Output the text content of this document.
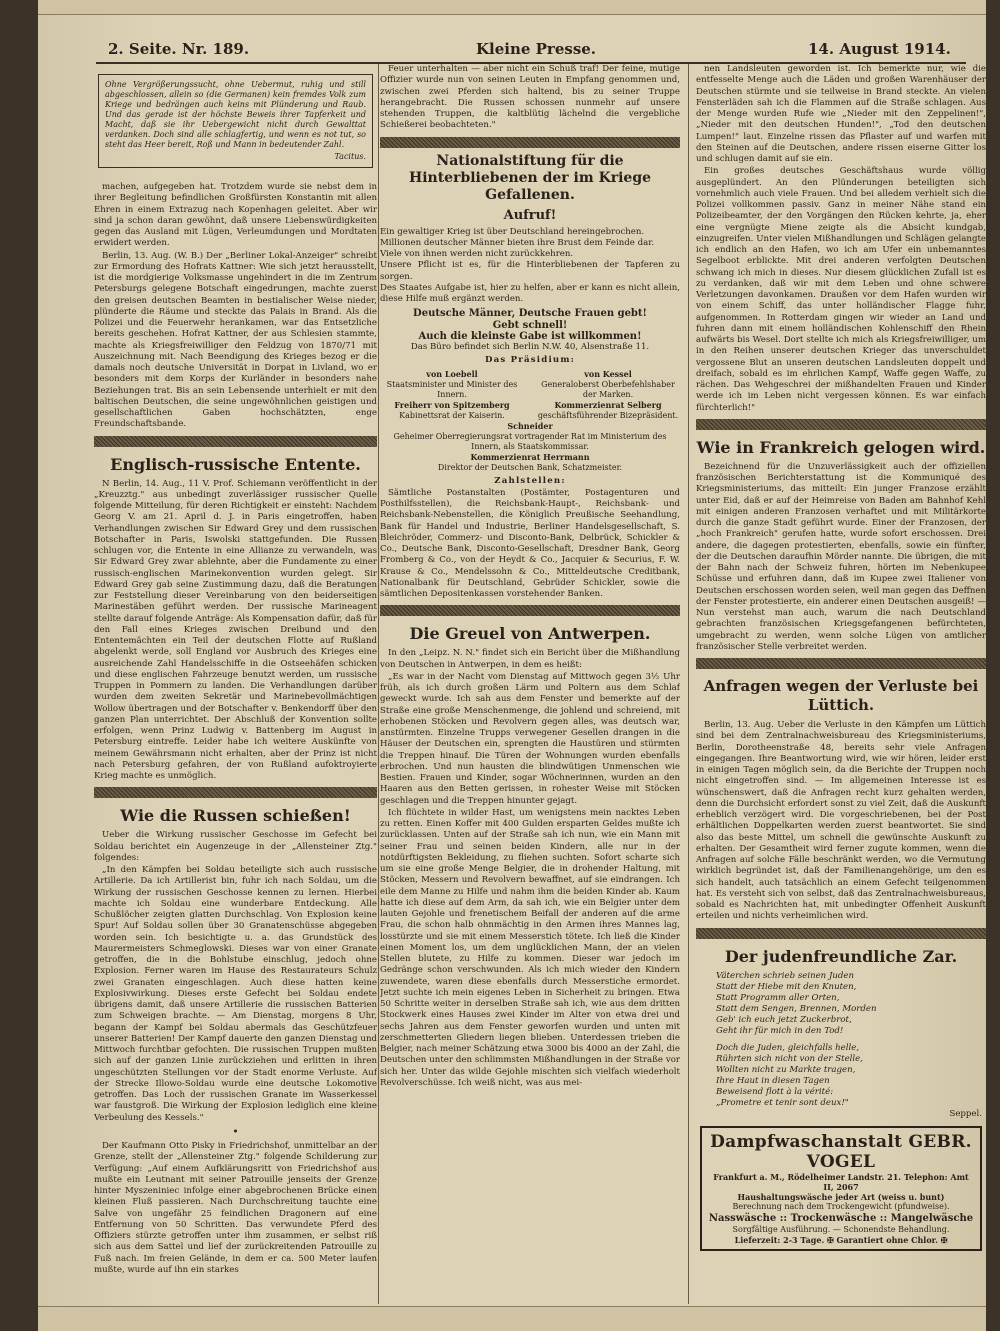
2. Seite. Nr. 189.	Kleine Presse.	14. August 1914.
Ohne Vergrößerungssucht, ohne Uebermut, ruhig und still abgeschlossen, allein so (die Germanen) kein fremdes Volk zum Kriege und bedrängen auch keins mit Plünderung und Raub. Und das gerade ist der höchste Beweis ihrer Tapferkeit und Macht, daß sie ihr Uebergewicht nicht durch Gewalttat verdanken. Doch sind alle schlagfertig, und wenn es not tut, so steht das Heer bereit, Roß und Mann in bedeutender Zahl.
Tacitus.

machen, aufgegeben hat. Trotzdem wurde sie nebst dem in ihrer Begleitung befindlichen Großfürsten Konstantin mit allen Ehren in einem Extrazug nach Kopenhagen geleitet. Aber wir sind ja schon daran gewöhnt, daß unsere Liebenswürdigkeiten gegen das Ausland mit Lügen, Verleumdungen und Mordtaten erwidert werden.

Berlin, 13. Aug. (W. B.) Der „Berliner Lokal-Anzeiger" schreibt zur Ermordung des Hofrats Kattner: Wie sich jetzt herausstellt, ist die mordgierige Volksmasse ungehindert in die im Zentrum Petersburgs gelegene Botschaft eingedrungen, machte zuerst den greisen deutschen Beamten in bestialischer Weise nieder, plünderte die Räume und steckte das Palais in Brand. Als die Polizei und die Feuerwehr herankamen, war das Entsetzliche bereits geschehen. Hofrat Kattner, der aus Schlesien stammte, machte als Kriegsfreiwilliger den Feldzug von 1870/71 mit Auszeichnung mit. Nach Beendigung des Krieges bezog er die damals noch deutsche Universität in Dorpat in Livland, wo er besonders mit dem Korps der Kurländer in besonders nahe Beziehungen trat. Bis an sein Lebensende unterhielt er mit den baltischen Deutschen, die seine ungewöhnlichen geistigen und gesellschaftlichen Gaben hochschätzten, enge Freundschaftsbande.

Englisch-russische Entente.

N Berlin, 14. Aug., 11 V. Prof. Schiemann veröffentlicht in der „Kreuzztg." aus unbedingt zuverlässiger russischer Quelle folgende Mitteilung, für deren Richtigkeit er einsteht: Nachdem Georg V. am 21. April d. J. in Paris eingetroffen, haben Verhandlungen zwischen Sir Edward Grey und dem russischen Botschafter in Paris, Iswolski stattgefunden. Die Russen schlugen vor, die Entente in eine Allianze zu verwandeln, was Sir Edward Grey zwar ablehnte, aber die Fundamente zu einer russisch-englischen Marinekonvention wurden gelegt. Sir Edward Grey gab seine Zustimmung dazu, daß die Beratungen zur Feststellung dieser Vereinbarung von den beiderseitigen Marinestäben geführt werden. Der russische Marineagent stellte darauf folgende Anträge: Als Kompensation dafür, daß für den Fall eines Krieges zwischen Dreibund und den Ententemächten ein Teil der deutschen Flotte auf Rußland abgelenkt werde, soll England vor Ausbruch des Krieges eine ausreichende Zahl Handelsschiffe in die Ostseehäfen schicken und diese englischen Fahrzeuge benutzt werden, um russische Truppen in Pommern zu landen. Die Verhandlungen darüber wurden dem zweiten Sekretär und Marinebevollmächtigen Wollow übertragen und der Botschafter v. Benkendorff über den ganzen Plan unterrichtet. Der Abschluß der Konvention sollte erfolgen, wenn Prinz Ludwig v. Battenberg im August in Petersburg eintreffe. Leider habe ich weitere Auskünfte von meinem Gewährsmann nicht erhalten, aber der Prinz ist nicht nach Petersburg gefahren, der von Rußland aufoktroyierte Krieg machte es unmöglich.

Wie die Russen schießen!

Ueber die Wirkung russischer Geschosse im Gefecht bei Soldau berichtet ein Augenzeuge in der „Allensteiner Ztg." folgendes:

„In den Kämpfen bei Soldau beteiligte sich auch russische Artillerie. Da ich Artillerist bin, fuhr ich nach Soldau, um die Wirkung der russischen Geschosse kennen zu lernen. Hierbei machte ich Soldau eine wunderbare Entdeckung. Alle Schußlöcher zeigten glatten Durchschlag. Von Explosion keine Spur! Auf Soldau sollen über 30 Granatenschüsse abgegeben worden sein. Ich besichtigte u. a. das Grundstück des Maurermeisters Schmeglowski. Dieses war von einer Granate getroffen, die in die Bohlstube einschlug, jedoch ohne Explosion. Ferner waren im Hause des Restaurateurs Schulz zwei Granaten eingeschlagen. Auch diese hatten keine Explosivwirkung. Dieses erste Gefecht bei Soldau endete übrigens damit, daß unsere Artillerie die russischen Batterien zum Schweigen brachte. — Am Dienstag, morgens 8 Uhr, begann der Kampf bei Soldau abermals das Geschützfeuer unserer Batterien! Der Kampf dauerte den ganzen Dienstag und Mittwoch furchtbar gefochten. Die russischen Truppen mußten sich auf der ganzen Linie zurückziehen und erlitten in ihren ungeschützten Stellungen vor der Stadt enorme Verluste. Auf der Strecke Illowo-Soldau wurde eine deutsche Lokomotive getroffen. Das Loch der russischen Granate im Wasserkessel war faustgroß. Die Wirkung der Explosion lediglich eine kleine Verbeulung des Kessels."

•

Der Kaufmann Otto Pisky in Friedrichshof, unmittelbar an der Grenze, stellt der „Allensteiner Ztg." folgende Schilderung zur Verfügung: „Auf einem Aufklärungsritt von Friedrichshof aus mußte ein Leutnant mit seiner Patrouille jenseits der Grenze hinter Myszeniniec infolge einer abgebrochenen Brücke einen kleinen Fluß passieren. Nach Durchschreitung tauchte eine Salve von ungefähr 25 feindlichen Dragonern auf eine Entfernung von 50 Schritten. Das verwundete Pferd des Offiziers stürzte getroffen unter ihm zusammen, er selbst riß sich aus dem Sattel und lief der zurückreitenden Patrouille zu Fuß nach. Im freien Gelände, in dem er ca. 500 Meter laufen mußte, wurde auf ihn ein starkes

Feuer unterhalten — aber nicht ein Schuß traf! Der feine, mutige Offizier wurde nun von seinen Leuten in Empfang genommen und, zwischen zwei Pferden sich haltend, bis zu seiner Truppe herangebracht. Die Russen schossen nunmehr auf unsere stehenden Truppen, die kaltblütig lächelnd die vergebliche Schießerei beobachteten."

Nationalstiftung für die Hinterbliebenen der im Kriege Gefallenen.
Aufruf!
Ein gewaltiger Krieg ist über Deutschland hereingebrochen.
Millionen deutscher Männer bieten ihre Brust dem Feinde dar.
Viele von ihnen werden nicht zurückkehren.
Unsere Pflicht ist es, für die Hinterbliebenen der Tapferen zu sorgen.
Des Staates Aufgabe ist, hier zu helfen, aber er kann es nicht allein, diese Hilfe muß ergänzt werden.
Deutsche Männer, Deutsche Frauen gebt!
Gebt schnell!
Auch die kleinste Gabe ist willkommen!
Das Büro befindet sich Berlin N.W. 40, Alsenstraße 11.
Das Präsidium:
von Loebell
Staatsminister und Minister des Innern.
von Kessel
Generaloberst Oberbefehlshaber der Marken.
Freiherr von Spitzemberg
Kabinettsrat der Kaiserin.
Kommerzienrat Selberg
geschäftsführender Bizepräsident.
Schneider
Geheimer Oberregierungsrat vortragender Rat im Ministerium des Innern, als Staatskommissar.
Kommerzienrat Herrmann
Direktor der Deutschen Bank, Schatzmeister.
Zahlstellen:

Sämtliche Postanstalten (Postämter, Postagenturen und Posthilfsstellen), die Reichsbank-Haupt-, Reichsbank- und Reichsbank-Nebenstellen, die Königlich Preußische Seehandlung, Bank für Handel und Industrie, Berliner Handelsgesellschaft, S. Bleichröder, Commerz- und Disconto-Bank, Delbrück, Schickler & Co., Deutsche Bank, Disconto-Gesellschaft, Dresdner Bank, Georg Fromberg & Co., von der Heydt & Co., Jacquier & Securius, F. W. Krause & Co., Mendelssohn & Co., Mitteldeutsche Creditbank, Nationalbank für Deutschland, Gebrüder Schickler, sowie die sämtlichen Depositenkassen vorstehender Banken.

Die Greuel von Antwerpen.

In den „Leipz. N. N." findet sich ein Bericht über die Mißhandlung von Deutschen in Antwerpen, in dem es heißt:

„Es war in der Nacht vom Dienstag auf Mittwoch gegen 3½ Uhr früh, als ich durch großen Lärm und Poltern aus dem Schlaf geweckt wurde. Ich sah aus dem Fenster und bemerkte auf der Straße eine große Menschenmenge, die johlend und schreiend, mit erhobenen Stöcken und Revolvern gegen alles, was deutsch war, anstürmten. Einzelne Trupps verwegener Gesellen drangen in die Häuser der Deutschen ein, sprengten die Haustüren und stürmten die Treppen hinauf. Die Türen der Wohnungen wurden ebenfalls erbrochen. Und nun hausten die blindwütigen Unmenschen wie Bestien. Frauen und Kinder, sogar Wöchnerinnen, wurden an den Haaren aus den Betten gerissen, in rohester Weise mit Stöcken geschlagen und die Treppen hinunter gejagt.

Ich flüchtete in wilder Hast, um wenigstens mein nacktes Leben zu retten. Einen Koffer mit 400 Gulden ersparten Geldes mußte ich zurücklassen. Unten auf der Straße sah ich nun, wie ein Mann mit seiner Frau und seinen beiden Kindern, alle nur in der notdürftigsten Bekleidung, zu fliehen suchten. Sofort scharte sich um sie eine große Menge Belgier, die in drohender Haltung, mit Stöcken, Messern und Revolvern bewaffnet, auf sie eindrangen. Ich eile dem Manne zu Hilfe und nahm ihm die beiden Kinder ab. Kaum hatte ich diese auf dem Arm, da sah ich, wie ein Belgier unter dem lauten Gejohle und frenetischem Beifall der anderen auf die arme Frau, die schon halb ohnmächtig in den Armen ihres Mannes lag, losstürzte und sie mit einem Messerstich tötete. Ich ließ die Kinder einen Moment los, um dem unglücklichen Mann, der an vielen Stellen blutete, zu Hilfe zu kommen. Dieser war jedoch im Gedränge schon verschwunden. Als ich mich wieder den Kindern zuwendete, waren diese ebenfalls durch Messerstiche ermordet. Jetzt suchte ich mein eigenes Leben in Sicherheit zu bringen. Etwa 50 Schritte weiter in derselben Straße sah ich, wie aus dem dritten Stockwerk eines Hauses zwei Kinder im Alter von etwa drei und sechs Jahren aus dem Fenster geworfen wurden und unten mit zerschmetterten Gliedern liegen blieben. Unterdessen trieben die Belgier, nach meiner Schätzung etwa 3000 bis 4000 an der Zahl, die Deutschen unter den schlimmsten Mißhandlungen in der Straße vor sich her. Unter das wilde Gejohle mischten sich vielfach wiederholt Revolverschüsse. Ich weiß nicht, was aus mei-

nen Landsleuten geworden ist. Ich bemerkte nur, wie die entfesselte Menge auch die Läden und großen Warenhäuser der Deutschen stürmte und sie teilweise in Brand steckte. An vielen Fensterläden sah ich die Flammen auf die Straße schlagen. Aus der Menge wurden Rufe wie „Nieder mit den Zeppelinen!", „Nieder mit den deutschen Hunden!", „Tod den deutschen Lumpen!" laut. Einzelne rissen das Pflaster auf und warfen mit den Steinen auf die Deutschen, andere rissen eiserne Gitter los und schlugen damit auf sie ein.

Ein großes deutsches Geschäftshaus wurde völlig ausgeplündert. An den Plünderungen beteiligten sich vornehmlich auch viele Frauen. Und bei alledem verhielt sich die Polizei vollkommen passiv. Ganz in meiner Nähe stand ein Polizeibeamter, der den Vorgängen den Rücken kehrte, ja, eher eine vergnügte Miene zeigte als die Absicht kundgab, einzugreifen. Unter vielen Mißhandlungen und Schlägen gelangte ich endlich an den Hafen, wo ich am Ufer ein unbemanntes Segelboot erblickte. Mit drei anderen verfolgten Deutschen schwang ich mich in dieses. Nur diesem glücklichen Zufall ist es zu verdanken, daß wir mit dem Leben und ohne schwere Verletzungen davonkamen. Draußen vor dem Hafen wurden wir von einem Schiff, das unter holländischer Flagge fuhr, aufgenommen. In Rotterdam gingen wir wieder an Land und fuhren dann mit einem holländischen Kohlenschiff den Rhein aufwärts bis Wesel. Dort stellte ich mich als Kriegsfreiwilliger, um in den Reihen unserer deutschen Krieger das unverschuldet vergossene Blut an unseren deutschen Landsleuten doppelt und dreifach, sobald es im ehrlichen Kampf, Waffe gegen Waffe, zu rächen. Das Wehgeschrei der mißhandelten Frauen und Kinder werde ich im Leben nicht vergessen können. Es war einfach fürchterlich!"

Wie in Frankreich gelogen wird.

Bezeichnend für die Unzuverlässigkeit auch der offiziellen französischen Berichterstattung ist die Kommuniqué des Kriegsministeriums, das mitteilt: Ein junger Franzose erzählt unter Eid, daß er auf der Heimreise von Baden am Bahnhof Kehl mit einigen anderen Franzosen verhaftet und mit Militärkorte durch die ganze Stadt geführt wurde. Einer der Franzosen, der „hoch Frankreich" gerufen hatte, wurde sofort erschossen. Drei andere, die dagegen protestierten, ebenfalls, sowie ein fünfter, der die Deutschen daraufhin Mörder nannte. Die übrigen, die mit der Bahn nach der Schweiz fuhren, hörten im Nebenkupee Schüsse und erfuhren dann, daß im Kupee zwei Italiener von Deutschen erschossen worden seien, weil man gegen das Deffnen der Fenster protestierte, ein anderer einen Deutschen ausgeiß! — Nun verstehst man auch, warum die nach Deutschland gebrachten französischen Kriegsgefangenen befürchteten, umgebracht zu werden, wenn solche Lügen von amtlicher französischer Stelle verbreitet werden.

Anfragen wegen der Verluste bei Lüttich.

Berlin, 13. Aug. Ueber die Verluste in den Kämpfen um Lüttich sind bei dem Zentralnachweisbureau des Kriegsministeriums, Berlin, Dorotheenstraße 48, bereits sehr viele Anfragen eingegangen. Ihre Beantwortung wird, wie wir hören, leider erst in einigen Tagen möglich sein, da die Berichte der Truppen noch nicht eingetroffen sind. — Im allgemeinen Interesse ist es wünschenswert, daß die Anfragen recht kurz gehalten werden, denn die Durchsicht erfordert sonst zu viel Zeit, daß die Auskunft erheblich verzögert wird. Die vorgeschriebenen, bei der Post erhältlichen Doppelkarten werden zuerst beantwortet. Sie sind also das beste Mittel, um schnell die gewünschte Auskunft zu erhalten. Der Gesamtheit wird ferner zugute kommen, wenn die Anfragen auf solche Fälle beschränkt werden, wo die Vermutung wirklich begründet ist, daß der Familienangehörige, um den es sich handelt, auch tatsächlich an einem Gefecht teilgenommen hat. Es versteht sich von selbst, daß das Zentralnachweisbureaus, sobald es Nachrichten hat, mit unbedingter Offenheit Auskunft erteilen und nichts verheimlichen wird.

Der judenfreundliche Zar.
Väterchen schrieb seinen Juden
Statt der Hiebe mit den Knuten,
Statt Programm aller Orten,
Statt dem Sengen, Brennen, Morden
Geb' ich euch jetzt Zuckerbrot,
Geht ihr für mich in den Tod!
Doch die Juden, gleichfalls helle,
Rührten sich nicht von der Stelle,
Wollten nicht zu Markte tragen,
Ihre Haut in diesen Tagen
Beweisend flott à la vérité:
„Prometre et tenir sont deux!"
Seppel.
Dampfwaschanstalt GEBR. VOGEL
Frankfurt a. M., Rödelheimer Landstr. 21. Telephon: Amt II, 2067
Haushaltungswäsche jeder Art (weiss u. bunt)
Berechnung nach dem Trockengewicht (pfundweise).
Nasswäsche :: Trockenwäsche :: Mangelwäsche
Sorgfältige Ausführung. — Schonendste Behandlung.
Lieferzeit: 2-3 Tage. ✠ Garantiert ohne Chlor. ✠
